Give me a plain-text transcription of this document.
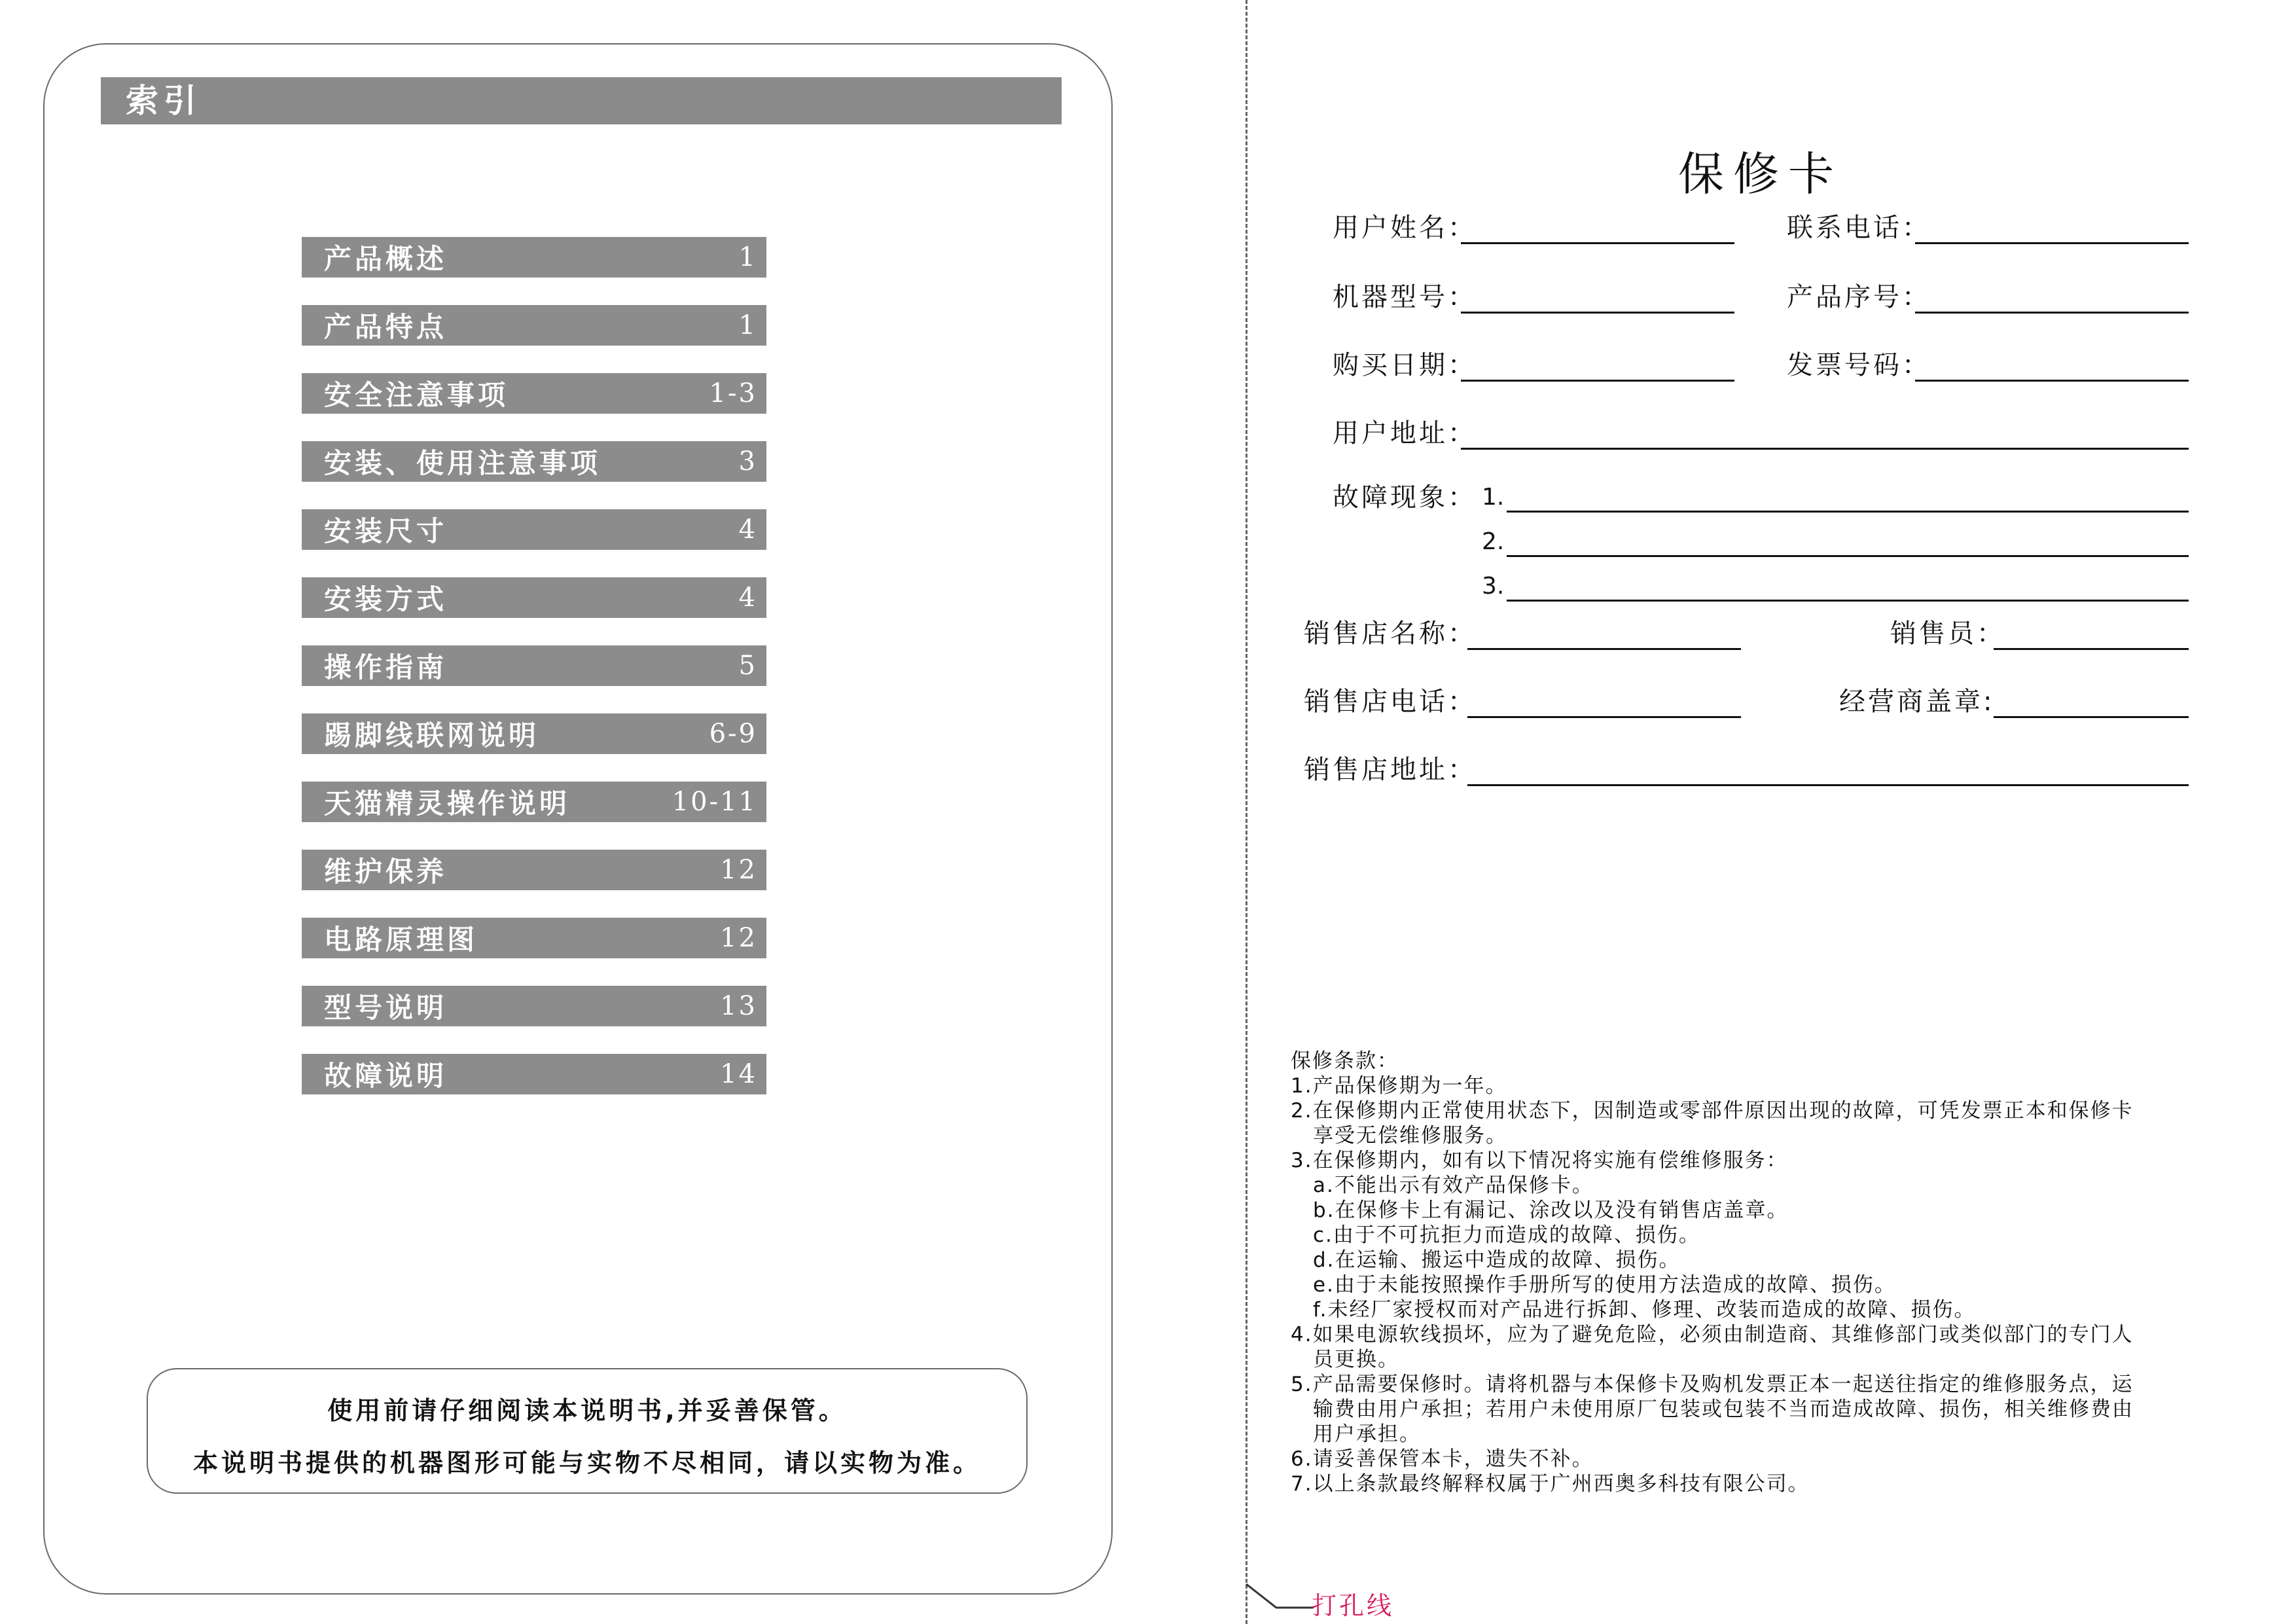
索引
产品概述	1
产品特点	1
安全注意事项	1-3
安装、使用注意事项	3
安装尺寸	4
安装方式	4
操作指南	5
踢脚线联网说明	6-9
天猫精灵操作说明	10-11
维护保养	12
电路原理图	12
型号说明	13
故障说明	14
使用前请仔细阅读本说明书,并妥善保管。
本说明书提供的机器图形可能与实物不尽相同，请以实物为准。
打孔线
保修卡
用户姓名：	联系电话：
机器型号：	产品序号：
购买日期：	发票号码：
用户地址：
故障现象： 1.
2.
3.
销售店名称：	销售员：
销售店电话：	经营商盖章:
销售店地址：
保修条款：
1.产品保修期为一年。
2.在保修期内正常使用状态下，因制造或零部件原因出现的故障，可凭发票正本和保修卡
享受无偿维修服务。
3.在保修期内，如有以下情况将实施有偿维修服务：
a.不能出示有效产品保修卡。
b.在保修卡上有漏记、涂改以及没有销售店盖章。
c.由于不可抗拒力而造成的故障、损伤。
d.在运输、搬运中造成的故障、损伤。
e.由于未能按照操作手册所写的使用方法造成的故障、损伤。
f.未经厂家授权而对产品进行拆卸、修理、改装而造成的故障、损伤。
4.如果电源软线损坏，应为了避免危险，必须由制造商、其维修部门或类似部门的专门人
员更换。
5.产品需要保修时。请将机器与本保修卡及购机发票正本一起送往指定的维修服务点，运
输费由用户承担；若用户未使用原厂包装或包装不当而造成故障、损伤，相关维修费由
用户承担。
6.请妥善保管本卡，遗失不补。
7.以上条款最终解释权属于广州西奥多科技有限公司。
